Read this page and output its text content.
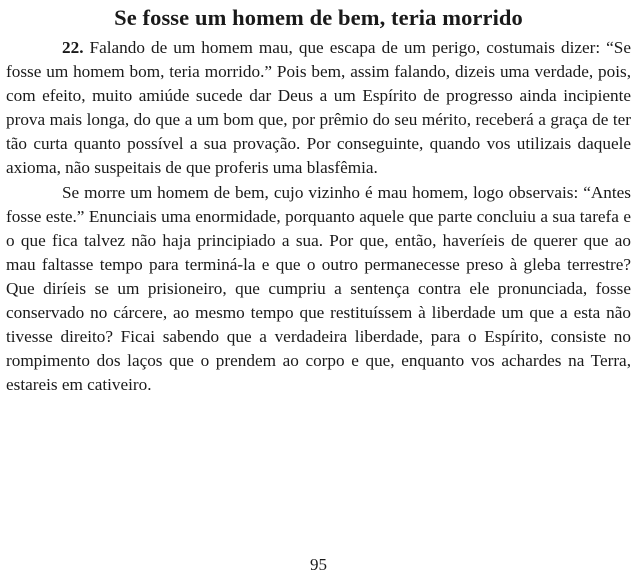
Se fosse um homem de bem, teria morrido

22. Falando de um homem mau, que escapa de um perigo, costumais dizer: “Se fosse um homem bom, teria morrido.” Pois bem, assim falando, dizeis uma verdade, pois, com efeito, muito amiúde sucede dar Deus a um Espírito de progresso ainda incipiente prova mais longa, do que a um bom que, por prêmio do seu mérito, receberá a graça de ter tão curta quanto possível a sua provação. Por conseguinte, quando vos utilizais daquele axioma, não suspeitais de que proferis uma blasfêmia.

Se morre um homem de bem, cujo vizinho é mau homem, logo observais: “Antes fosse este.” Enunciais uma enormidade, porquanto aquele que parte concluiu a sua tarefa e o que fica talvez não haja principiado a sua. Por que, então, haveríeis de querer que ao mau faltasse tempo para terminá-la e que o outro permanecesse preso à gleba terrestre? Que diríeis se um prisioneiro, que cumpriu a sentença contra ele pronunciada, fosse conservado no cárcere, ao mesmo tempo que restituíssem à liberdade um que a esta não tivesse direito? Ficai sabendo que a verdadeira liberdade, para o Espírito, consiste no rompimento dos laços que o prendem ao corpo e que, enquanto vos achardes na Terra, estareis em cativeiro.

95
